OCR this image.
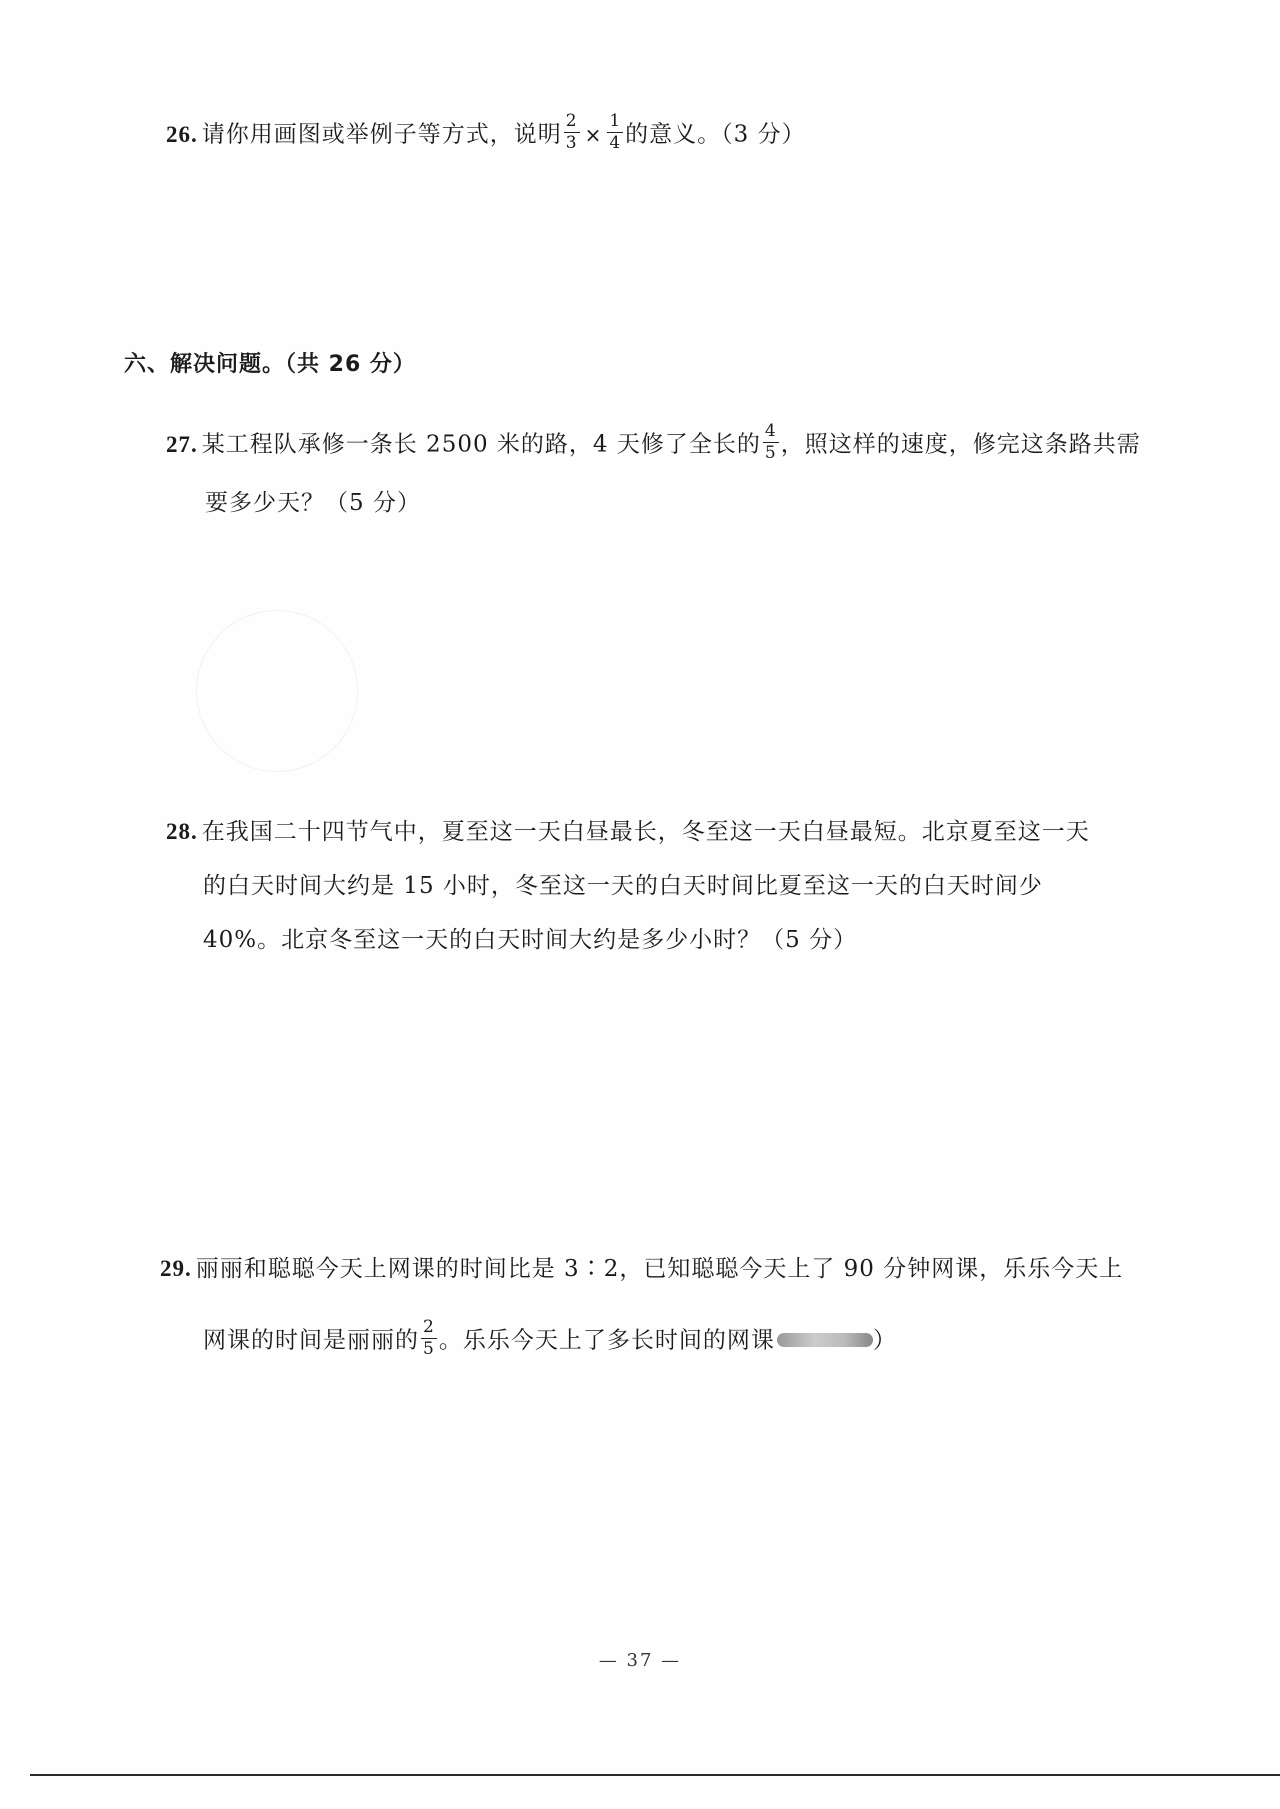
26. 请你用画图或举例子等方式，说明 $\frac{2}{3} \times \frac{1}{4}$ 的意义。（3 分）
六、解决问题。（共 26 分）
27. 某工程队承修一条长 2500 米的路，4 天修了全长的 $\frac{4}{5}$ ，照这样的速度，修完这条路共需
要多少天？（5 分）
28. 在我国二十四节气中，夏至这一天白昼最长，冬至这一天白昼最短。北京夏至这一天
的白天时间大约是 15 小时，冬至这一天的白天时间比夏至这一天的白天时间少
40%。北京冬至这一天的白天时间大约是多少小时？（5 分）
29. 丽丽和聪聪今天上网课的时间比是 3∶2，已知聪聪今天上了 90 分钟网课，乐乐今天上
网课的时间是丽丽的 $\frac{2}{5}$ 。乐乐今天上了多长时间的网课	）
— 37 —
